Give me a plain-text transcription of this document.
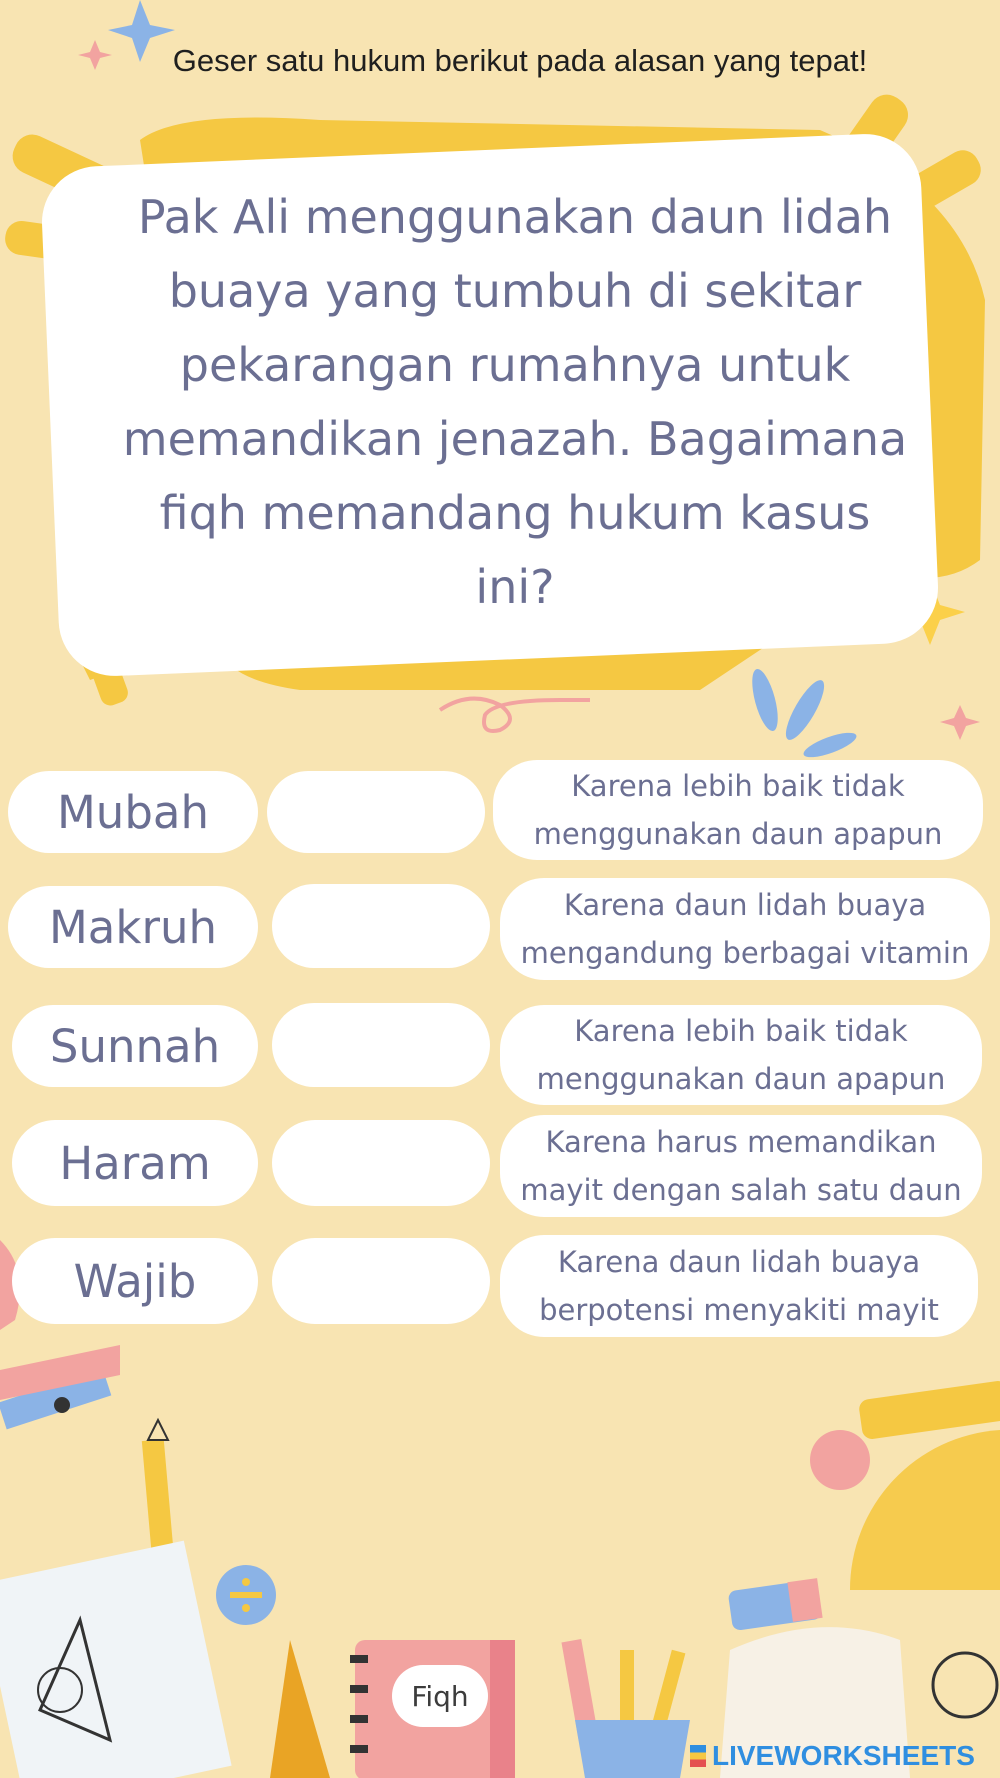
Geser satu hukum berikut pada alasan yang tepat!
Pak Ali menggunakan daun lidah buaya yang tumbuh di sekitar pekarangan rumahnya untuk memandikan jenazah. Bagaimana fiqh memandang hukum kasus ini?
Mubah	Karena lebih baik tidak menggunakan daun apapun
Makruh	Karena daun lidah buaya mengandung berbagai vitamin
Sunnah	Karena lebih baik tidak menggunakan daun apapun
Haram	Karena harus memandikan mayit dengan salah satu daun
Wajib	Karena daun lidah buaya berpotensi menyakiti mayit
Fiqh
LIVEWORKSHEETS
